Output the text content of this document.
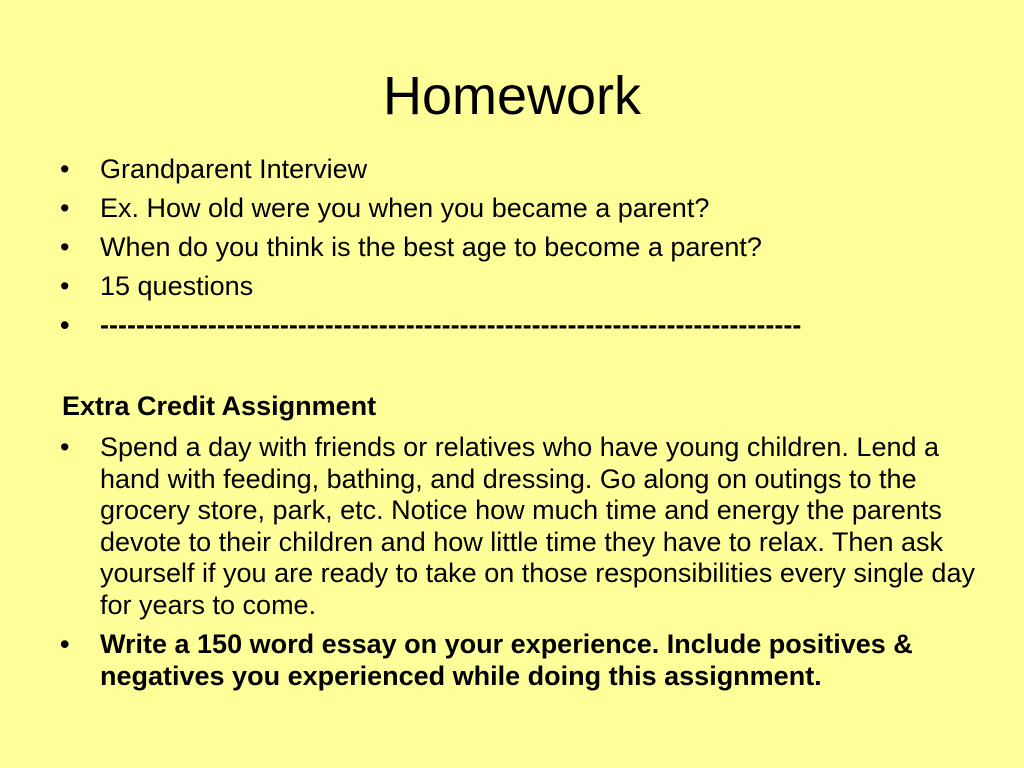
Homework
•	Grandparent Interview
•	Ex. How old were you when you became a parent?
•	When do you think is the best age to become a parent?
•	15 questions
•	------------------------------------------------------------------------------
Extra Credit Assignment
•	Spend a day with friends or relatives who have young children. Lend a hand with feeding, bathing, and dressing. Go along on outings to the grocery store, park, etc. Notice how much time and energy the parents devote to their children and how little time they have to relax. Then ask yourself if you are ready to take on those responsibilities every single day for years to come.
•	Write a 150 word essay on your experience. Include positives & negatives you experienced while doing this assignment.
